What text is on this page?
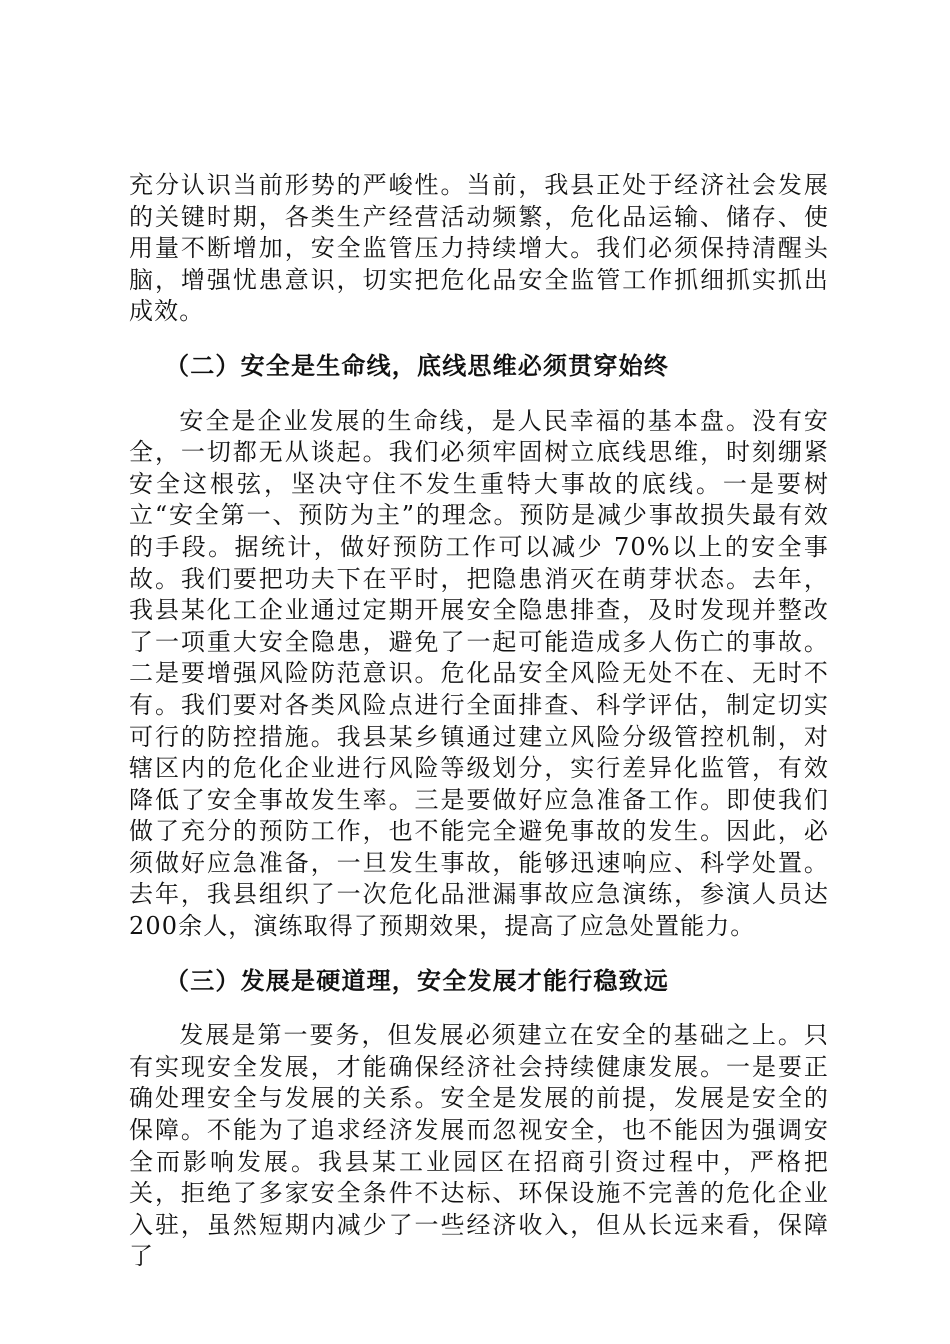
充分认识当前形势的严峻性。当前，我县正处于经济社会发展的关键时期，各类生产经营活动频繁，危化品运输、储存、使用量不断增加，安全监管压力持续增大。我们必须保持清醒头脑，增强忧患意识，切实把危化品安全监管工作抓细抓实抓出成效。

（二）安全是生命线，底线思维必须贯穿始终

安全是企业发展的生命线，是人民幸福的基本盘。没有安全，一切都无从谈起。我们必须牢固树立底线思维，时刻绷紧安全这根弦，坚决守住不发生重特大事故的底线。一是要树立“安全第一、预防为主”的理念。预防是减少事故损失最有效的手段。据统计，做好预防工作可以减少 70%以上的安全事故。我们要把功夫下在平时，把隐患消灭在萌芽状态。去年，我县某化工企业通过定期开展安全隐患排查，及时发现并整改了一项重大安全隐患，避免了一起可能造成多人伤亡的事故。二是要增强风险防范意识。危化品安全风险无处不在、无时不有。我们要对各类风险点进行全面排查、科学评估，制定切实可行的防控措施。我县某乡镇通过建立风险分级管控机制，对辖区内的危化企业进行风险等级划分，实行差异化监管，有效降低了安全事故发生率。三是要做好应急准备工作。即使我们做了充分的预防工作，也不能完全避免事故的发生。因此，必须做好应急准备，一旦发生事故，能够迅速响应、科学处置。去年，我县组织了一次危化品泄漏事故应急演练，参演人员达200余人，演练取得了预期效果，提高了应急处置能力。

（三）发展是硬道理，安全发展才能行稳致远

发展是第一要务，但发展必须建立在安全的基础之上。只有实现安全发展，才能确保经济社会持续健康发展。一是要正确处理安全与发展的关系。安全是发展的前提，发展是安全的保障。不能为了追求经济发展而忽视安全，也不能因为强调安全而影响发展。我县某工业园区在招商引资过程中，严格把关，拒绝了多家安全条件不达标、环保设施不完善的危化企业入驻，虽然短期内减少了一些经济收入，但从长远来看，保障了
